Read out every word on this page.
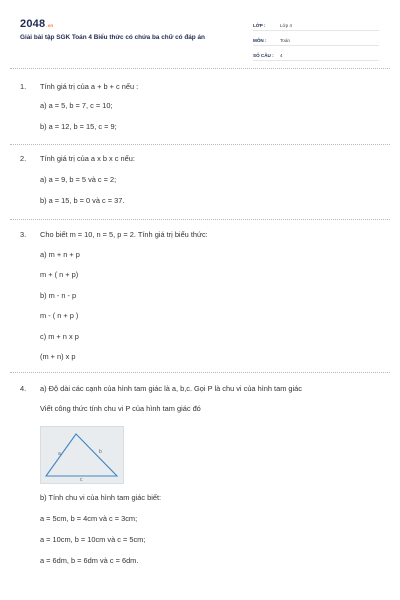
2048.vn
Giải bài tập SGK Toán 4 Biểu thức có chứa ba chữ có đáp án
LỚP :	Lớp 4
MÔN :	Toán
SỐ CÂU :	4
1.	Tính giá trị của a + b + c nếu :
a) a = 5, b = 7, c = 10;
b) a = 12, b = 15, c = 9;
2.	Tính giá trị của a x b x c nếu:
a) a = 9, b = 5 và c = 2;
b) a = 15, b = 0 và c = 37.
3.	Cho biết m = 10, n = 5, p = 2. Tính giá trị biểu thức:
a) m + n + p
m + ( n + p)
b) m - n - p
m - ( n + p )
c) m + n x p
(m + n) x p
4.	a) Độ dài các cạnh của hình tam giác là a, b,c. Gọi P là chu vi của hình tam giác
Viết công thức tính chu vi P của hình tam giác đó
b) Tính chu vi của hình tam giác biết:
a = 5cm, b = 4cm và c = 3cm;
a = 10cm, b = 10cm và c = 5cm;
a = 6dm, b = 6dm và c = 6dm.
a	b
c
